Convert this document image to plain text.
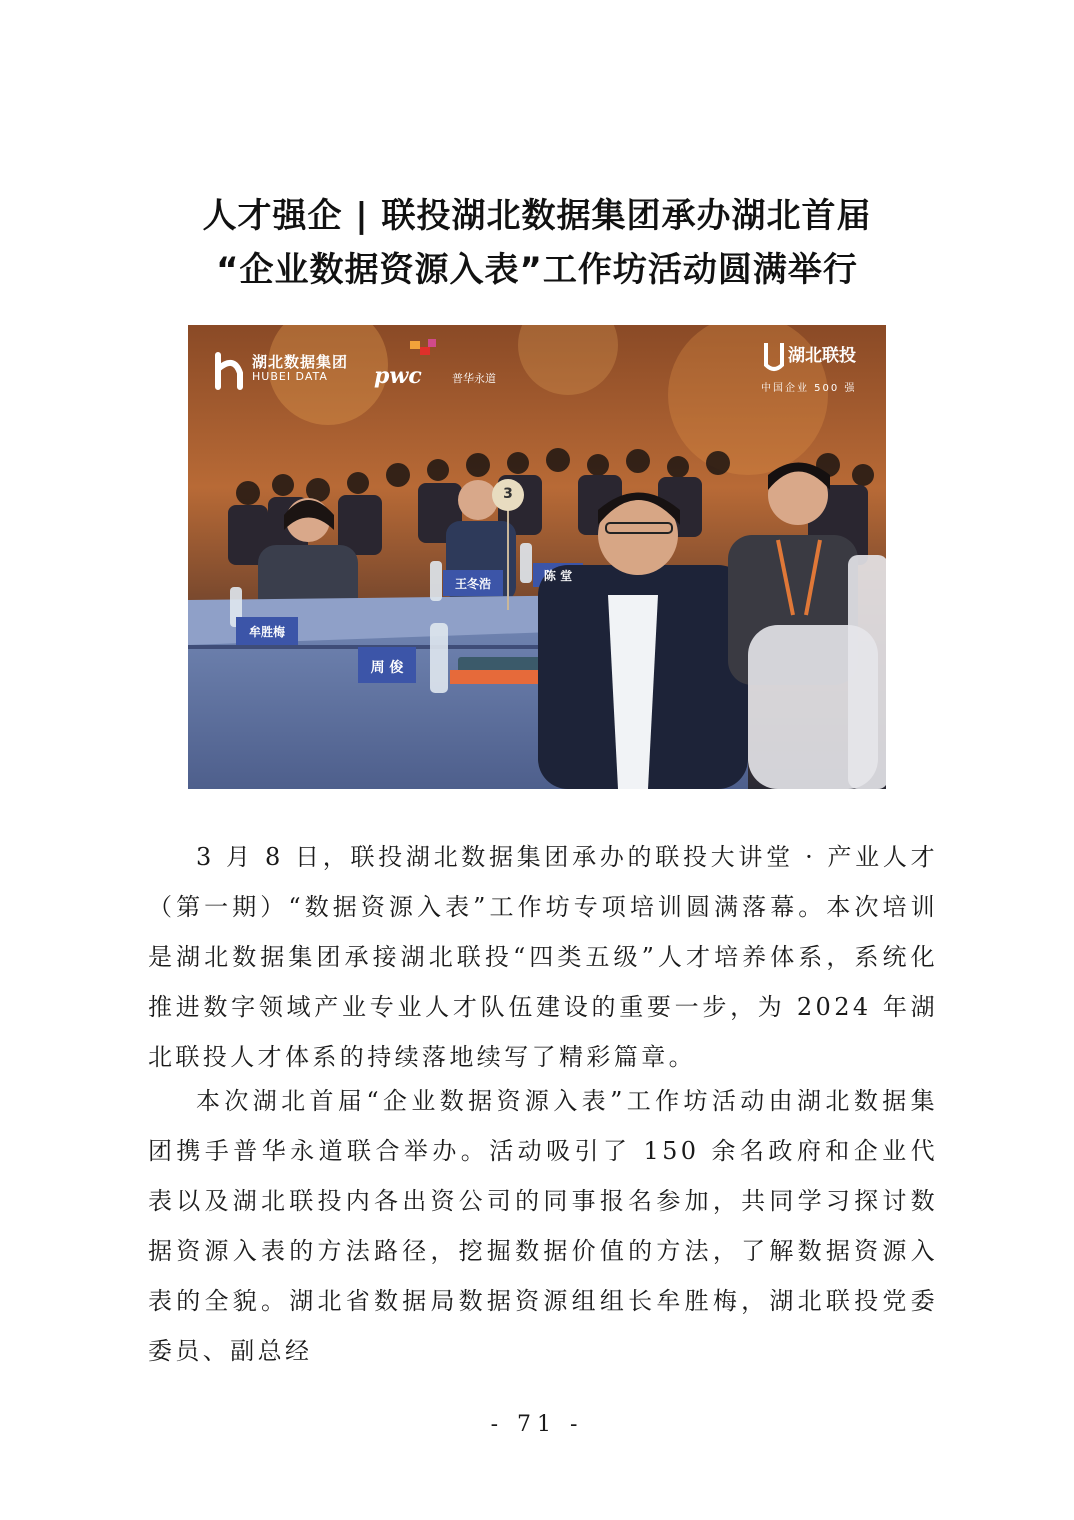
人才强企 | 联投湖北数据集团承办湖北首届
“企业数据资源入表”工作坊活动圆满举行
湖北数据集团
HUBEI DATA pwc	普华永道
湖北联投
中国企业 500 强
王冬浩
陈 堂
牟胜梅
周 俊
3

3 月 8 日，联投湖北数据集团承办的联投大讲堂 · 产业人才（第一期）“数据资源入表”工作坊专项培训圆满落幕。本次培训是湖北数据集团承接湖北联投“四类五级”人才培养体系，系统化推进数字领域产业专业人才队伍建设的重要一步，为 2024 年湖北联投人才体系的持续落地续写了精彩篇章。

本次湖北首届“企业数据资源入表”工作坊活动由湖北数据集团携手普华永道联合举办。活动吸引了 150 余名政府和企业代表以及湖北联投内各出资公司的同事报名参加，共同学习探讨数据资源入表的方法路径，挖掘数据价值的方法，了解数据资源入表的全貌。湖北省数据局数据资源组组长牟胜梅，湖北联投党委委员、副总经

- 71 -
